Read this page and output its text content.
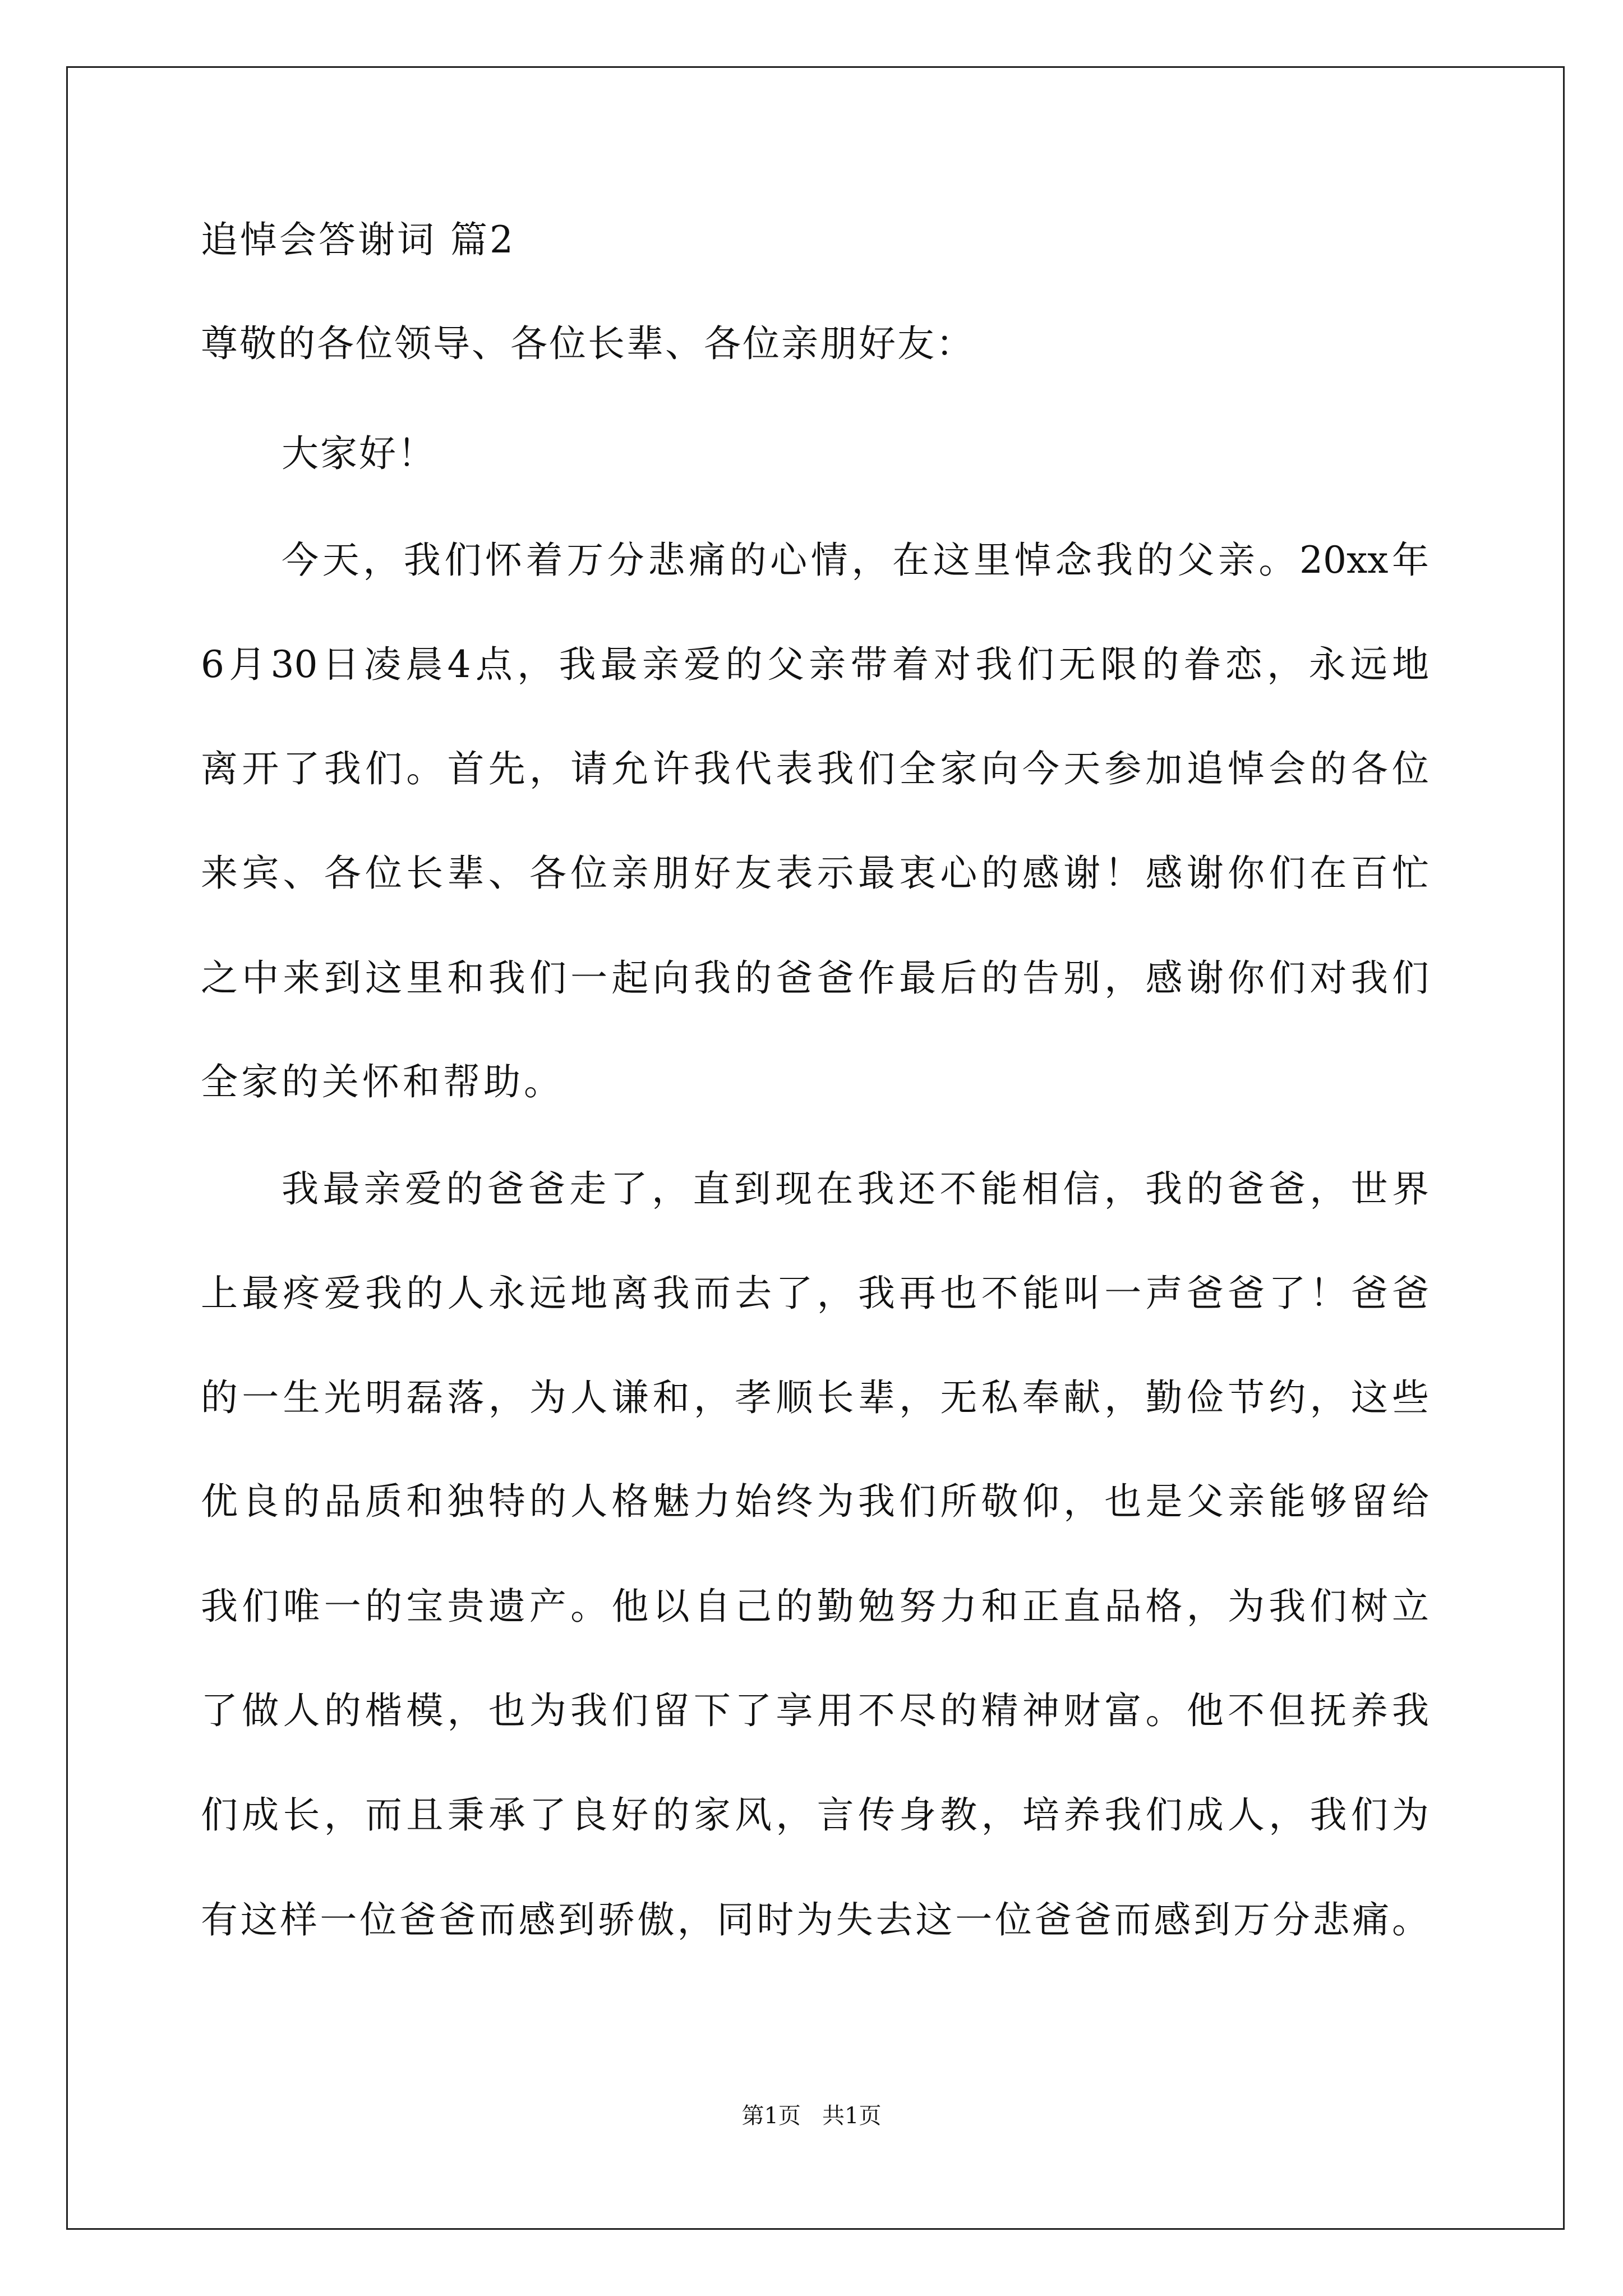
追悼会答谢词 篇2
尊敬的各位领导、各位长辈、各位亲朋好友：
大家好！
今天，我们怀着万分悲痛的心情，在这里悼念我的父亲。20xx年
6月30日凌晨4点，我最亲爱的父亲带着对我们无限的眷恋，永远地
离开了我们。首先，请允许我代表我们全家向今天参加追悼会的各位
来宾、各位长辈、各位亲朋好友表示最衷心的感谢！感谢你们在百忙
之中来到这里和我们一起向我的爸爸作最后的告别，感谢你们对我们
全家的关怀和帮助。
我最亲爱的爸爸走了，直到现在我还不能相信，我的爸爸，世界
上最疼爱我的人永远地离我而去了，我再也不能叫一声爸爸了！爸爸
的一生光明磊落，为人谦和，孝顺长辈，无私奉献，勤俭节约，这些
优良的品质和独特的人格魅力始终为我们所敬仰，也是父亲能够留给
我们唯一的宝贵遗产。他以自己的勤勉努力和正直品格，为我们树立
了做人的楷模，也为我们留下了享用不尽的精神财富。他不但抚养我
们成长，而且秉承了良好的家风，言传身教，培养我们成人，我们为
有这样一位爸爸而感到骄傲，同时为失去这一位爸爸而感到万分悲痛。
第1页   共1页
